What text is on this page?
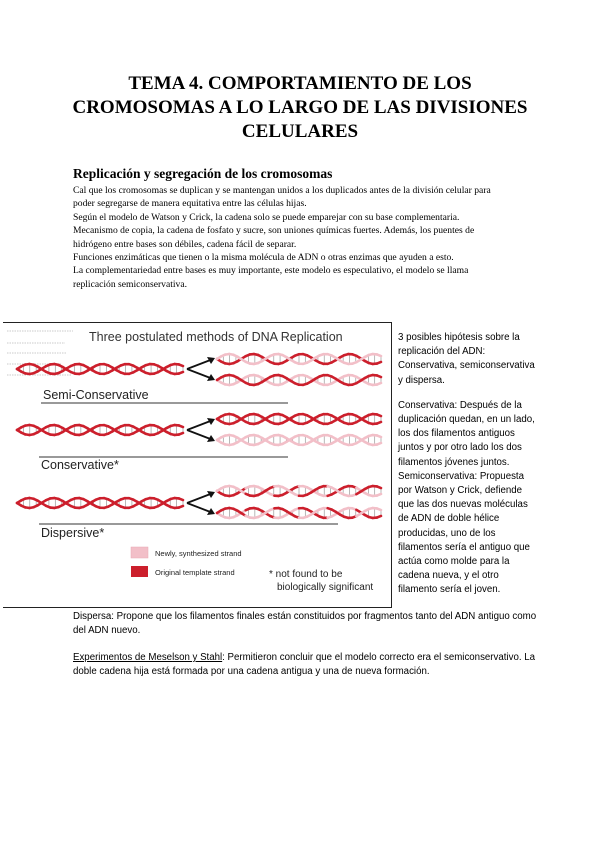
TEMA 4. COMPORTAMIENTO DE LOS
CROMOSOMAS A LO LARGO DE LAS DIVISIONES
CELULARES
Replicación y segregación de los cromosomas
Cal que los cromosomas se duplican y se mantengan unidos a los duplicados antes de la división celular para
poder segregarse de manera equitativa entre las células hijas.
Según el modelo de Watson y Crick, la cadena solo se puede emparejar con su base complementaria.
Mecanismo de copia, la cadena de fosfato y sucre, son uniones químicas fuertes. Además, los puentes de
hidrógeno entre bases son débiles, cadena fácil de separar.
Funciones enzimáticas que tienen o la misma molécula de ADN o otras enzimas que ayuden a esto.
La complementariedad entre bases es muy importante, este modelo es especulativo, el modelo se llama
replicación semiconservativa.
Three postulated methods of DNA Replication
Semi-Conservative
Conservative*
Dispersive*
Newly, synthesized strand
Original template strand	* not found to be
biologically significant

3 posibles hipótesis sobre la replicación del ADN: Conservativa, semiconservativa y dispersa.

Conservativa: Después de la duplicación quedan, en un lado, los dos filamentos antiguos juntos y por otro lado los dos filamentos jóvenes juntos.

Semiconservativa: Propuesta por Watson y Crick, defiende que las dos nuevas moléculas de ADN de doble hélice producidas, uno de los filamentos sería el antiguo que actúa como molde para la cadena nueva, y el otro filamento sería el joven.

Dispersa: Propone que los filamentos finales están constituidos por fragmentos tanto del ADN antiguo como del ADN nuevo.
Experimentos de Meselson y Stahl: Permitieron concluir que el modelo correcto era el semiconservativo. La doble cadena hija está formada por una cadena antigua y una de nueva formación.
